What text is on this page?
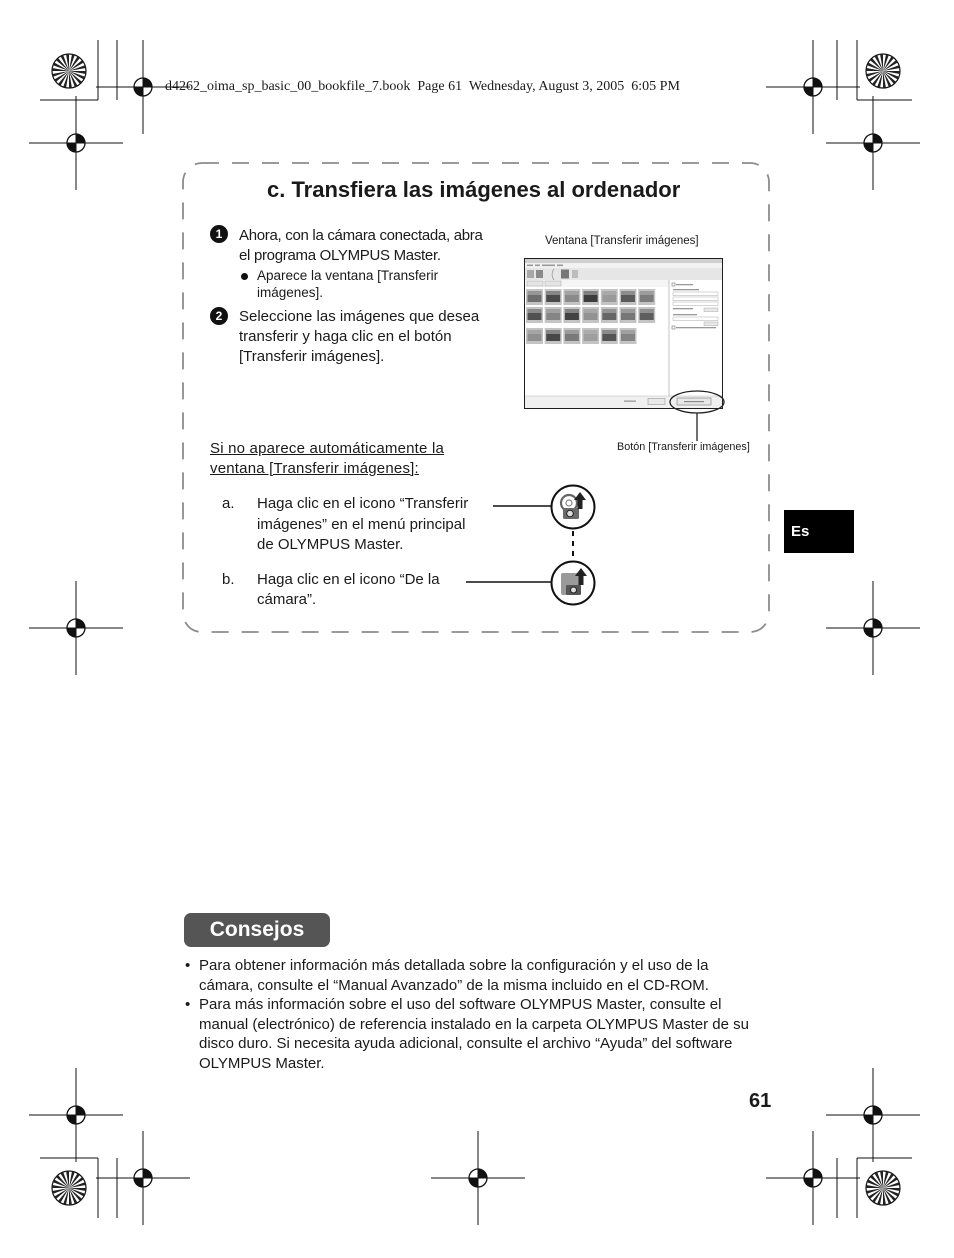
d4262_oima_sp_basic_00_bookfile_7.book  Page 61  Wednesday, August 3, 2005  6:05 PM
c. Transfiera las imágenes al ordenador
1	Ahora, con la cámara conectada, abra
el programa OLYMPUS Master.
Aparece la ventana [Transferir
imágenes].
2	Seleccione las imágenes que desea
transferir y haga clic en el botón
[Transferir imágenes].
Ventana [Transferir imágenes]
Botón [Transferir imágenes]
Si no aparece automáticamente la
ventana [Transferir imágenes]:
a. Haga clic en el icono “Transferir
imágenes” en el menú principal
de OLYMPUS Master.
b. Haga clic en el icono “De la
cámara”.
Es
Consejos
• Para obtener información más detallada sobre la configuración y el uso de la
cámara, consulte el “Manual Avanzado” de la misma incluido en el CD-ROM.
• Para más información sobre el uso del software OLYMPUS Master, consulte el
manual (electrónico) de referencia instalado en la carpeta OLYMPUS Master de su
disco duro. Si necesita ayuda adicional, consulte el archivo “Ayuda” del software
OLYMPUS Master.
61
